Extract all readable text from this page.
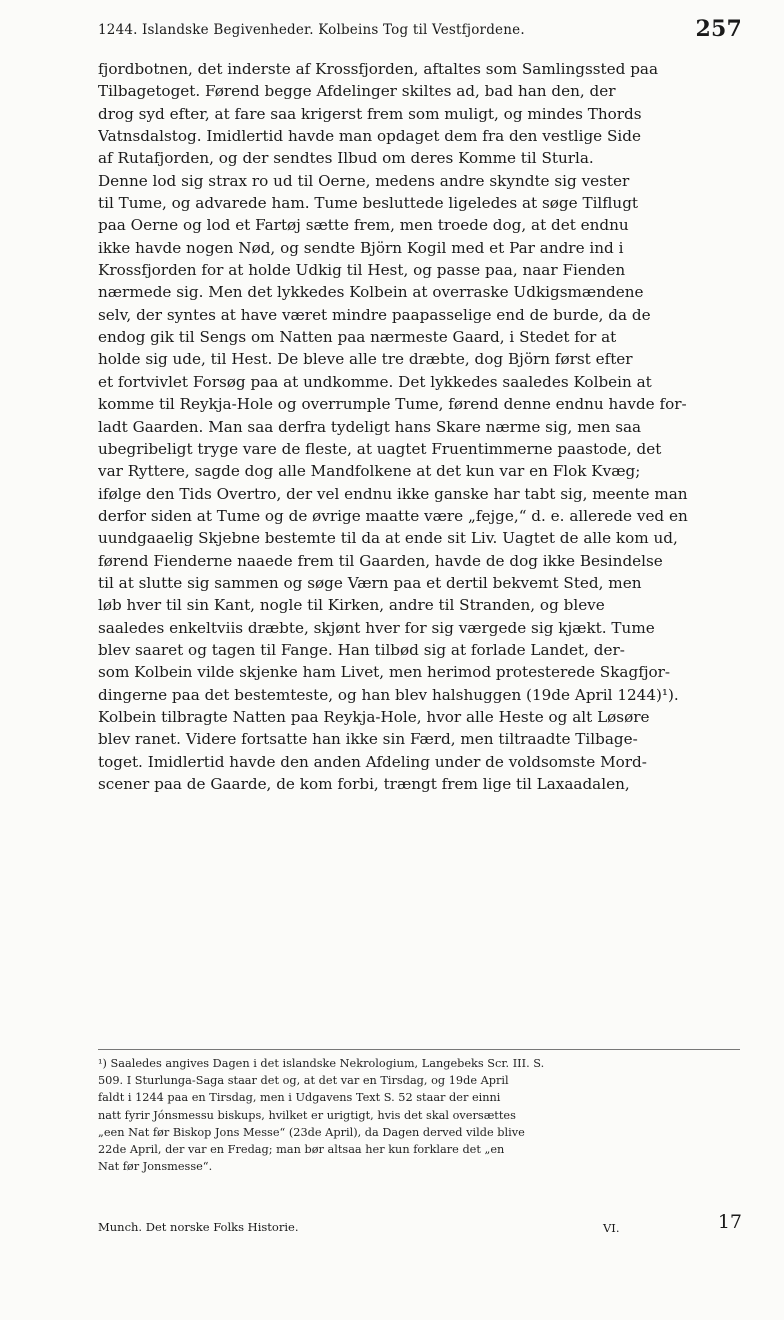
1244. Islandske Begivenheder. Kolbeins Tog til Vestfjordene.	257
fjordbotnen, det inderste af Krossfjorden, aftaltes som Samlingssted paa
Tilbagetoget. Førend begge Afdelinger skiltes ad, bad han den, der
drog syd efter, at fare saa krigerst frem som muligt, og mindes Thords
Vatnsdalstog. Imidlertid havde man opdaget dem fra den vestlige Side
af Rutafjorden, og der sendtes Ilbud om deres Komme til Sturla.
Denne lod sig strax ro ud til Oerne, medens andre skyndte sig vester
til Tume, og advarede ham. Tume besluttede ligeledes at søge Tilflugt
paa Oerne og lod et Fartøj sætte frem, men troede dog, at det endnu
ikke havde nogen Nød, og sendte Björn Kogil med et Par andre ind i
Krossfjorden for at holde Udkig til Hest, og passe paa, naar Fienden
nærmede sig. Men det lykkedes Kolbein at overraske Udkigsmændene
selv, der syntes at have været mindre paapasselige end de burde, da de
endog gik til Sengs om Natten paa nærmeste Gaard, i Stedet for at
holde sig ude, til Hest. De bleve alle tre dræbte, dog Björn først efter
et fortvivlet Forsøg paa at undkomme. Det lykkedes saaledes Kolbein at
komme til Reykja-Hole og overrumple Tume, førend denne endnu havde for-
ladt Gaarden. Man saa derfra tydeligt hans Skare nærme sig, men saa
ubegribeligt tryge vare de fleste, at uagtet Fruentimmerne paastode, det
var Ryttere, sagde dog alle Mandfolkene at det kun var en Flok Kvæg;
ifølge den Tids Overtro, der vel endnu ikke ganske har tabt sig, meente man
derfor siden at Tume og de øvrige maatte være „fejge,“ d. e. allerede ved en
uundgaaelig Skjebne bestemte til da at ende sit Liv. Uagtet de alle kom ud,
førend Fienderne naaede frem til Gaarden, havde de dog ikke Besindelse
til at slutte sig sammen og søge Værn paa et dertil bekvemt Sted, men
løb hver til sin Kant, nogle til Kirken, andre til Stranden, og bleve
saaledes enkeltviis dræbte, skjønt hver for sig værgede sig kjækt. Tume
blev saaret og tagen til Fange. Han tilbød sig at forlade Landet, der-
som Kolbein vilde skjenke ham Livet, men herimod protesterede Skagfjor-
dingerne paa det bestemteste, og han blev halshuggen (19de April 1244)¹).
Kolbein tilbragte Natten paa Reykja-Hole, hvor alle Heste og alt Løsøre
blev ranet. Videre fortsatte han ikke sin Færd, men tiltraadte Tilbage-
toget. Imidlertid havde den anden Afdeling under de voldsomste Mord-
scener paa de Gaarde, de kom forbi, trængt frem lige til Laxaadalen,
¹) Saaledes angives Dagen i det islandske Nekrologium, Langebeks Scr. III. S.
509. I Sturlunga-Saga staar det og, at det var en Tirsdag, og 19de April
faldt i 1244 paa en Tirsdag, men i Udgavens Text S. 52 staar der einni
natt fyrir Jónsmessu biskups, hvilket er urigtigt, hvis det skal oversættes
„een Nat før Biskop Jons Messe“ (23de April), da Dagen derved vilde blive
22de April, der var en Fredag; man bør altsaa her kun forklare det „en
Nat før Jonsmesse“.
Munch. Det norske Folks Historie.	VI.	17
